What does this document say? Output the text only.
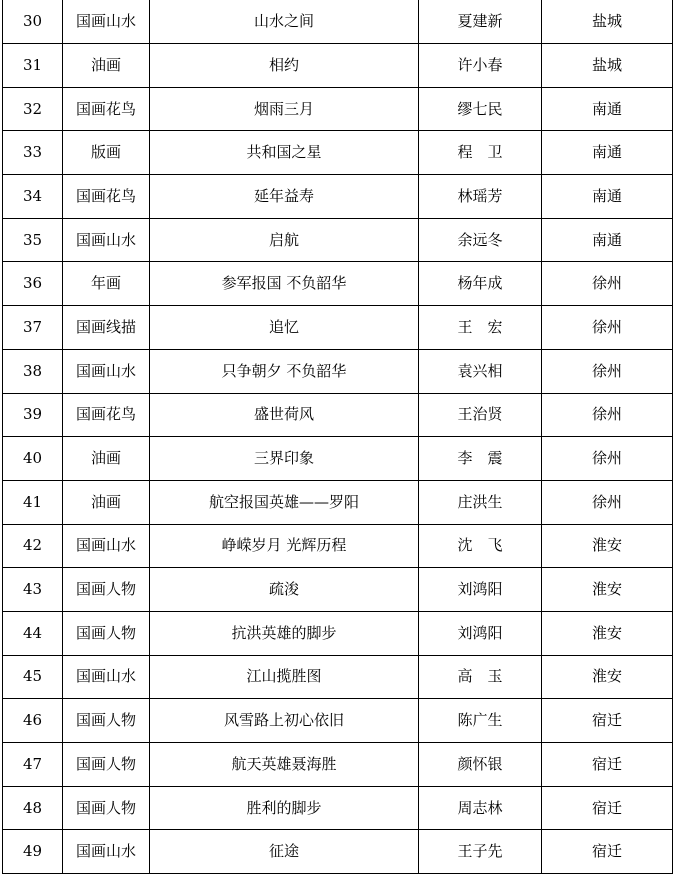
30	国画山水	山水之间	夏建新	盐城
31	油画	相约	许小春	盐城
32	国画花鸟	烟雨三月	缪七民	南通
33	版画	共和国之星	程　卫	南通
34	国画花鸟	延年益寿	林瑶芳	南通
35	国画山水	启航	余远冬	南通
36	年画	参军报国 不负韶华	杨年成	徐州
37	国画线描	追忆	王　宏	徐州
38	国画山水	只争朝夕 不负韶华	袁兴相	徐州
39	国画花鸟	盛世荷风	王治贤	徐州
40	油画	三界印象	李　震	徐州
41	油画	航空报国英雄——罗阳	庄洪生	徐州
42	国画山水	峥嵘岁月 光辉历程	沈　飞	淮安
43	国画人物	疏浚	刘鸿阳	淮安
44	国画人物	抗洪英雄的脚步	刘鸿阳	淮安
45	国画山水	江山揽胜图	高　玉	淮安
46	国画人物	风雪路上初心依旧	陈广生	宿迁
47	国画人物	航天英雄聂海胜	颜怀银	宿迁
48	国画人物	胜利的脚步	周志林	宿迁
49	国画山水	征途	王子先	宿迁
